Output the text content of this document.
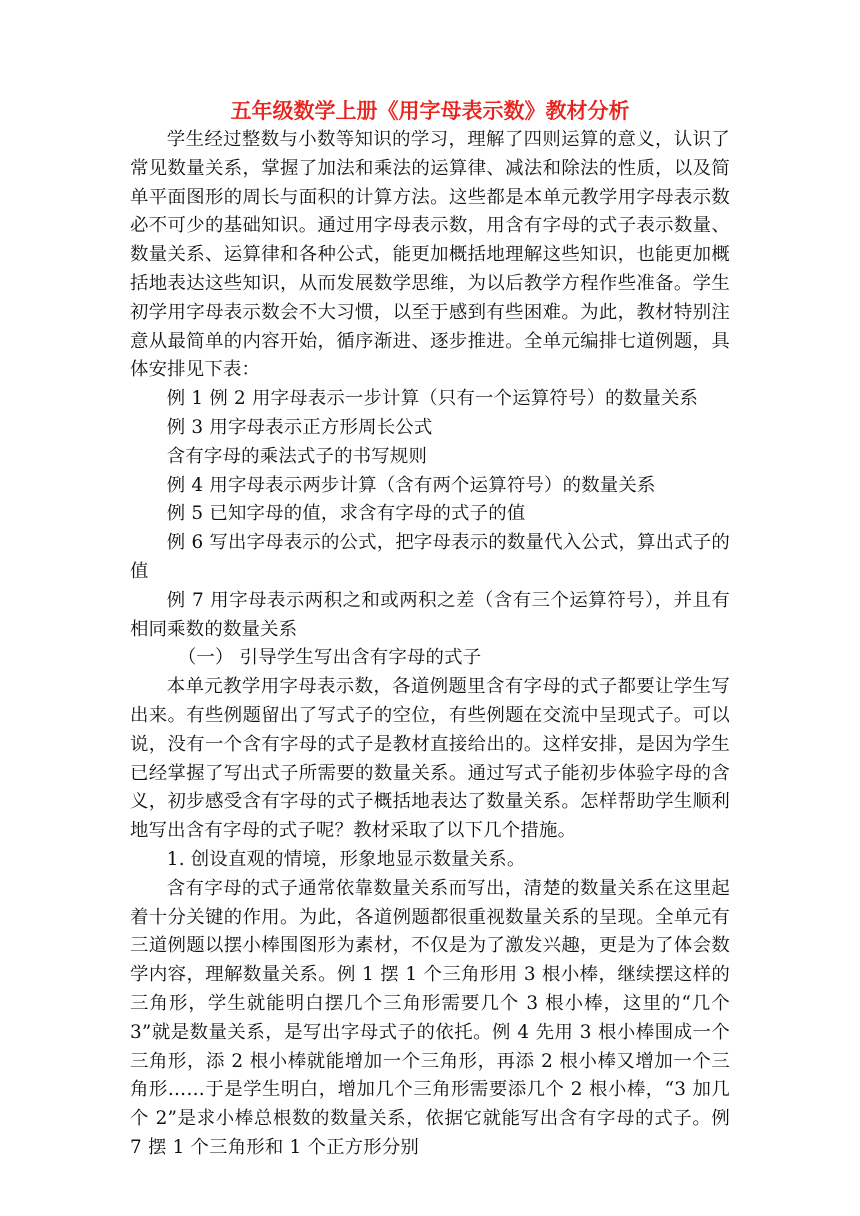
五年级数学上册《用字母表示数》教材分析

学生经过整数与小数等知识的学习，理解了四则运算的意义，认识了常见数量关系，掌握了加法和乘法的运算律、减法和除法的性质，以及简单平面图形的周长与面积的计算方法。这些都是本单元教学用字母表示数必不可少的基础知识。通过用字母表示数，用含有字母的式子表示数量、数量关系、运算律和各种公式，能更加概括地理解这些知识，也能更加概括地表达这些知识，从而发展数学思维，为以后教学方程作些准备。学生初学用字母表示数会不大习惯，以至于感到有些困难。为此，教材特别注意从最简单的内容开始，循序渐进、逐步推进。全单元编排七道例题，具体安排见下表：

例 1 例 2 用字母表示一步计算（只有一个运算符号）的数量关系

例 3 用字母表示正方形周长公式

含有字母的乘法式子的书写规则

例 4 用字母表示两步计算（含有两个运算符号）的数量关系

例 5 已知字母的值，求含有字母的式子的值

例 6 写出字母表示的公式，把字母表示的数量代入公式，算出式子的值

例 7 用字母表示两积之和或两积之差（含有三个运算符号），并且有相同乘数的数量关系

（一） 引导学生写出含有字母的式子

本单元教学用字母表示数，各道例题里含有字母的式子都要让学生写出来。有些例题留出了写式子的空位，有些例题在交流中呈现式子。可以说，没有一个含有字母的式子是教材直接给出的。这样安排，是因为学生已经掌握了写出式子所需要的数量关系。通过写式子能初步体验字母的含义，初步感受含有字母的式子概括地表达了数量关系。怎样帮助学生顺利地写出含有字母的式子呢？教材采取了以下几个措施。

1. 创设直观的情境，形象地显示数量关系。

含有字母的式子通常依靠数量关系而写出，清楚的数量关系在这里起着十分关键的作用。为此，各道例题都很重视数量关系的呈现。全单元有三道例题以摆小棒围图形为素材，不仅是为了激发兴趣，更是为了体会数学内容，理解数量关系。例 1 摆 1 个三角形用 3 根小棒，继续摆这样的三角形，学生就能明白摆几个三角形需要几个 3 根小棒，这里的“几个 3”就是数量关系，是写出字母式子的依托。例 4 先用 3 根小棒围成一个三角形，添 2 根小棒就能增加一个三角形，再添 2 根小棒又增加一个三角形……于是学生明白，增加几个三角形需要添几个 2 根小棒，“3 加几个 2”是求小棒总根数的数量关系，依据它就能写出含有字母的式子。例 7 摆 1 个三角形和 1 个正方形分别
